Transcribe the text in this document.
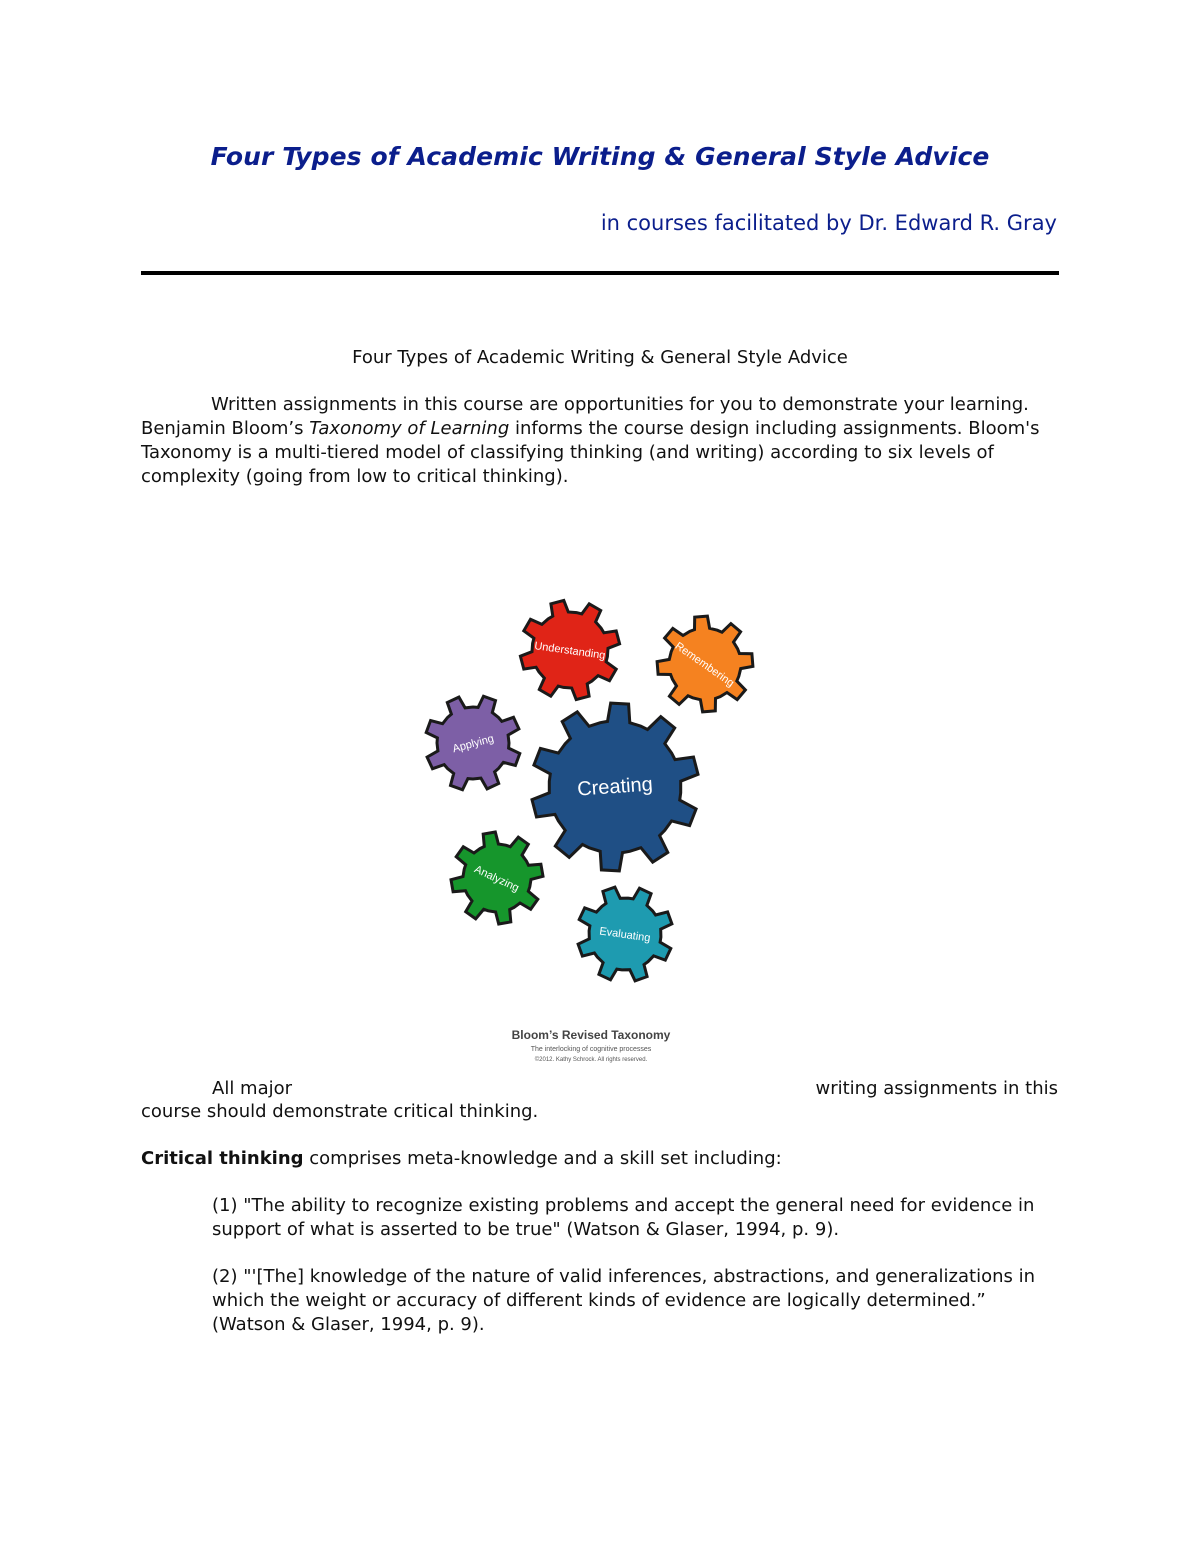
Four Types of Academic Writing & General Style Advice
in courses facilitated by Dr. Edward R. Gray
Four Types of Academic Writing & General Style Advice

Written assignments in this course are opportunities for you to demonstrate your learning. Benjamin Bloom’s Taxonomy of Learning informs the course design including assignments. Bloom's Taxonomy is a multi-tiered model of classifying thinking (and writing) according to six levels of complexity (going from low to critical thinking).

Creating
Understanding	Remembering
Applying
Analyzing
Evaluating
Bloom’s Revised Taxonomy
The interlocking of cognitive processes
©2012. Kathy Schrock. All rights reserved.
All major	writing assignments in this
course should demonstrate critical thinking.

Critical thinking comprises meta-knowledge and a skill set including:

(1) "The ability to recognize existing problems and accept the general need for evidence in support of what is asserted to be true" (Watson & Glaser, 1994, p. 9).

(2) "'[The] knowledge of the nature of valid inferences, abstractions, and generalizations in which the weight or accuracy of different kinds of evidence are logically determined.” (Watson & Glaser, 1994, p. 9).
